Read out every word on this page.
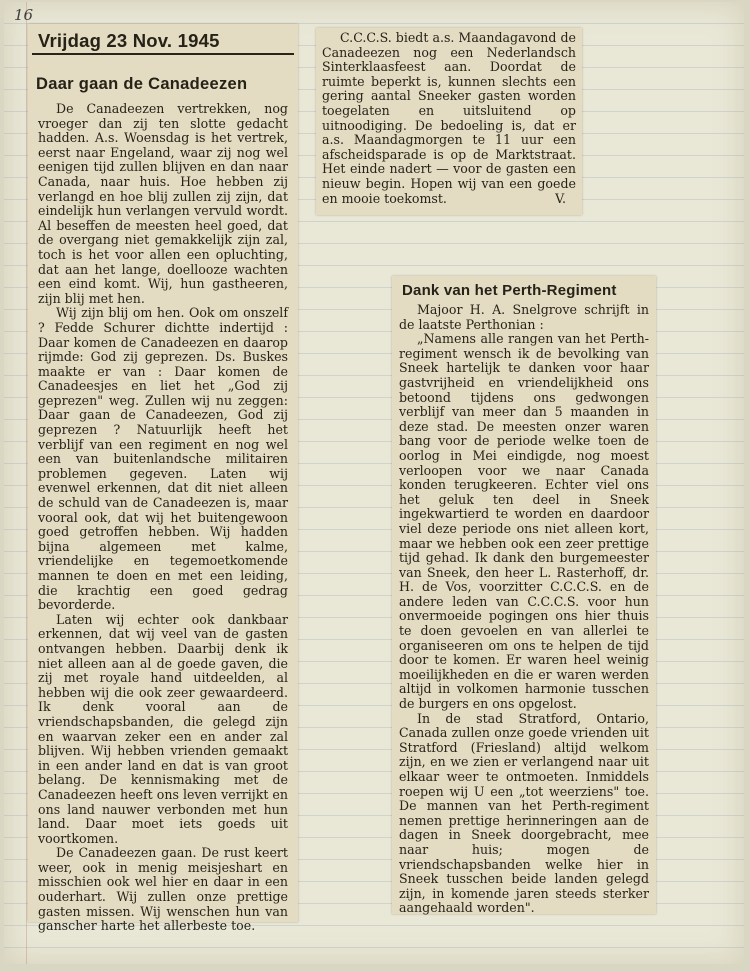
16
Vrijdag 23 Nov. 1945
Daar gaan de Canadeezen

De Canadeezen vertrekken, nog vroeger dan zij ten slotte gedacht hadden. A.s. Woensdag is het vertrek, eerst naar Engeland, waar zij nog wel eenigen tijd zullen blijven en dan naar Canada, naar huis. Hoe hebben zij verlangd en hoe blij zullen zij zijn, dat eindelijk hun verlangen vervuld wordt. Al beseffen de meesten heel goed, dat de overgang niet gemakkelijk zijn zal, toch is het voor allen een opluchting, dat aan het lange, doellooze wachten een eind komt. Wij, hun gastheeren, zijn blij met hen.

Wij zijn blij om hen. Ook om onszelf ? Fedde Schurer dichtte indertijd : Daar komen de Canadeezen en daarop rijmde: God zij geprezen. Ds. Buskes maakte er van : Daar komen de Canadeesjes en liet het „God zij geprezen" weg. Zullen wij nu zeggen: Daar gaan de Canadeezen, God zij geprezen ? Natuurlijk heeft het verblijf van een regiment en nog wel een van buitenlandsche militairen problemen gegeven. Laten wij evenwel erkennen, dat dit niet alleen de schuld van de Canadeezen is, maar vooral ook, dat wij het buitengewoon goed getroffen hebben. Wij hadden bijna algemeen met kalme, vriendelijke en tegemoetkomende mannen te doen en met een leiding, die krachtig een goed gedrag bevorderde.

Laten wij echter ook dankbaar erkennen, dat wij veel van de gasten ontvangen hebben. Daarbij denk ik niet alleen aan al de goede gaven, die zij met royale hand uitdeelden, al hebben wij die ook zeer gewaardeerd. Ik denk vooral aan de vriendschapsbanden, die gelegd zijn en waarvan zeker een en ander zal blijven. Wij hebben vrienden gemaakt in een ander land en dat is van groot belang. De kennismaking met de Canadeezen heeft ons leven verrijkt en ons land nauwer verbonden met hun land. Daar moet iets goeds uit voortkomen.

De Canadeezen gaan. De rust keert weer, ook in menig meisjeshart en misschien ook wel hier en daar in een ouderhart. Wij zullen onze prettige gasten missen. Wij wenschen hun van ganscher harte het allerbeste toe.

C.C.C.S. biedt a.s. Maandagavond de Canadeezen nog een Nederlandsch Sinterklaasfeest aan. Doordat de ruimte beperkt is, kunnen slechts een gering aantal Sneeker gasten worden toegelaten en uitsluitend op uitnoodiging. De bedoeling is, dat er a.s. Maandagmorgen te 11 uur een afscheidsparade is op de Marktstraat. Het einde nadert — voor de gasten een nieuw begin. Hopen wij van een goede en mooie toekomst.	V.

Dank van het Perth-Regiment

Majoor H. A. Snelgrove schrijft in de laatste Perthonian :

„Namens alle rangen van het Perth-regiment wensch ik de bevolking van Sneek hartelijk te danken voor haar gastvrijheid en vriendelijkheid ons betoond tijdens ons gedwongen verblijf van meer dan 5 maanden in deze stad. De meesten onzer waren bang voor de periode welke toen de oorlog in Mei eindigde, nog moest verloopen voor we naar Canada konden terugkeeren. Echter viel ons het geluk ten deel in Sneek ingekwartierd te worden en daardoor viel deze periode ons niet alleen kort, maar we hebben ook een zeer prettige tijd gehad. Ik dank den burgemeester van Sneek, den heer L. Rasterhoff, dr. H. de Vos, voorzitter C.C.C.S. en de andere leden van C.C.C.S. voor hun onvermoeide pogingen ons hier thuis te doen gevoelen en van allerlei te organiseeren om ons te helpen de tijd door te komen. Er waren heel weinig moeilijkheden en die er waren werden altijd in volkomen harmonie tusschen de burgers en ons opgelost.

In de stad Stratford, Ontario, Canada zullen onze goede vrienden uit Stratford (Friesland) altijd welkom zijn, en we zien er verlangend naar uit elkaar weer te ontmoeten. Inmiddels roepen wij U een „tot weerziens" toe. De mannen van het Perth-regiment nemen prettige herinneringen aan de dagen in Sneek doorgebracht, mee naar huis; mogen de vriendschapsbanden welke hier in Sneek tusschen beide landen gelegd zijn, in komende jaren steeds sterker aangehaald worden".
